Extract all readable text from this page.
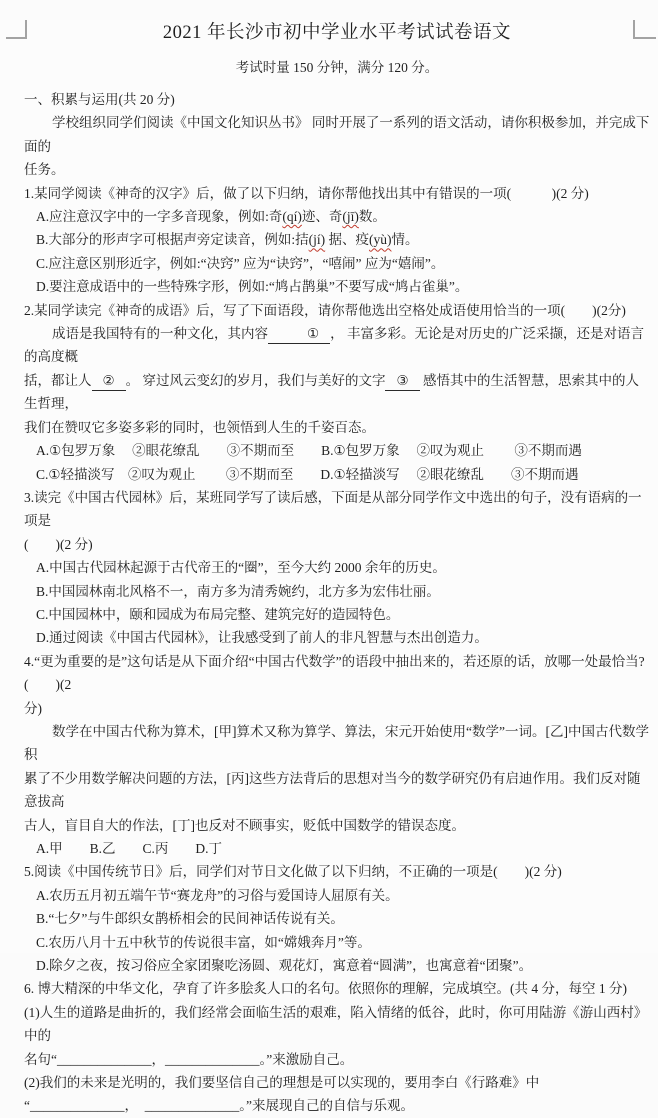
2021 年长沙市初中学业水平考试试卷语文
考试时量 150 分钟，满分 120 分。
一、积累与运用(共 20 分)
学校组织同学们阅读《中国文化知识丛书》 同时开展了一系列的语文活动，请你积极参加，并完成下面的
任务。
1.某同学阅读《神奇的汉字》后，做了以下归纳，请你帮他找出其中有错误的一项(　　　)(2 分)
A.应注意汉字中的一字多音现象，例如:奇(qí)迹、奇(jī)数。
B.大部分的形声字可根据声旁定读音，例如:拮(jí) 据、疫(yù)情。
C.应注意区别形近字，例如:“决窍” 应为“诀窍”，“嘻闹” 应为“嬉闹”。
D.要注意成语中的一些特殊字形，例如:“鸠占鹊巢”不要写成“鸠占雀巢”。
2.某同学读完《神奇的成语》后，写了下面语段，请你帮他选出空格处成语使用恰当的一项(　　)(2分)
成语是我国特有的一种文化，其内容	① ， 丰富多彩。无论是对历史的广泛采撷，还是对语言的高度概
括，都让人 ② 。 穿过风云变幻的岁月，我们与美好的文字 ③ 感悟其中的生活智慧，思索其中的人生哲理，
我们在赞叹它多姿多彩的同时，也领悟到人生的千姿百态。
A.①包罗万象　 ②眼花缭乱　　③不期而至　　B.①包罗万象　 ②叹为观止　　 ③不期而遇
C.①轻描淡写　②叹为观止　　 ③不期而至　　D.①轻描淡写　 ②眼花缭乱　　③不期而遇
3.读完《中国古代园林》后，某班同学写了读后感，下面是从部分同学作文中选出的句子，没有语病的一项是
(　　)(2 分)
A.中国古代园林起源于古代帝王的“圈”，至今大约 2000 余年的历史。
B.中国园林南北风格不一，南方多为清秀婉约，北方多为宏伟壮丽。
C.中国园林中，颐和园成为布局完整、建筑完好的造园特色。
D.通过阅读《中国古代园林》，让我感受到了前人的非凡智慧与杰出创造力。
4.“更为重要的是”这句话是从下面介绍“中国古代数学”的语段中抽出来的，若还原的话，放哪一处最恰当?(　　)(2
分)
数学在中国古代称为算术，[甲]算术又称为算学、算法，宋元开始使用“数学”一词。[乙]中国古代数学积
累了不少用数学解决问题的方法，[丙]这些方法背后的思想对当今的数学研究仍有启迪作用。我们反对随意拔高
古人，盲目自大的作法，[丁]也反对不顾事实，贬低中国数学的错误态度。
A.甲　　B.乙　　C.丙　　D.丁
5.阅读《中国传统节日》后，同学们对节日文化做了以下归纳，不正确的一项是(　　)(2 分)
A.农历五月初五端午节“赛龙舟”的习俗与爱国诗人屈原有关。
B.“七夕”与牛郎织女鹊桥相会的民间神话传说有关。
C.农历八月十五中秋节的传说很丰富，如“嫦娥奔月”等。
D.除夕之夜，按习俗应全家团聚吃汤圆、观花灯，寓意着“圆满”，也寓意着“团聚”。
6. 博大精深的中华文化，孕育了许多脍炙人口的名句。依照你的理解，完成填空。(共 4 分，每空 1 分)
(1)人生的道路是曲折的，我们经常会面临生活的艰难，陷入情绪的低谷，此时，你可用陆游《游山西村》中的
名句“______________，______________。”来激励自己。
(2)我们的未来是光明的，我们要坚信自己的理想是可以实现的，要用李白《行路难》中
“______________，　______________。”来展现自己的自信与乐观。
